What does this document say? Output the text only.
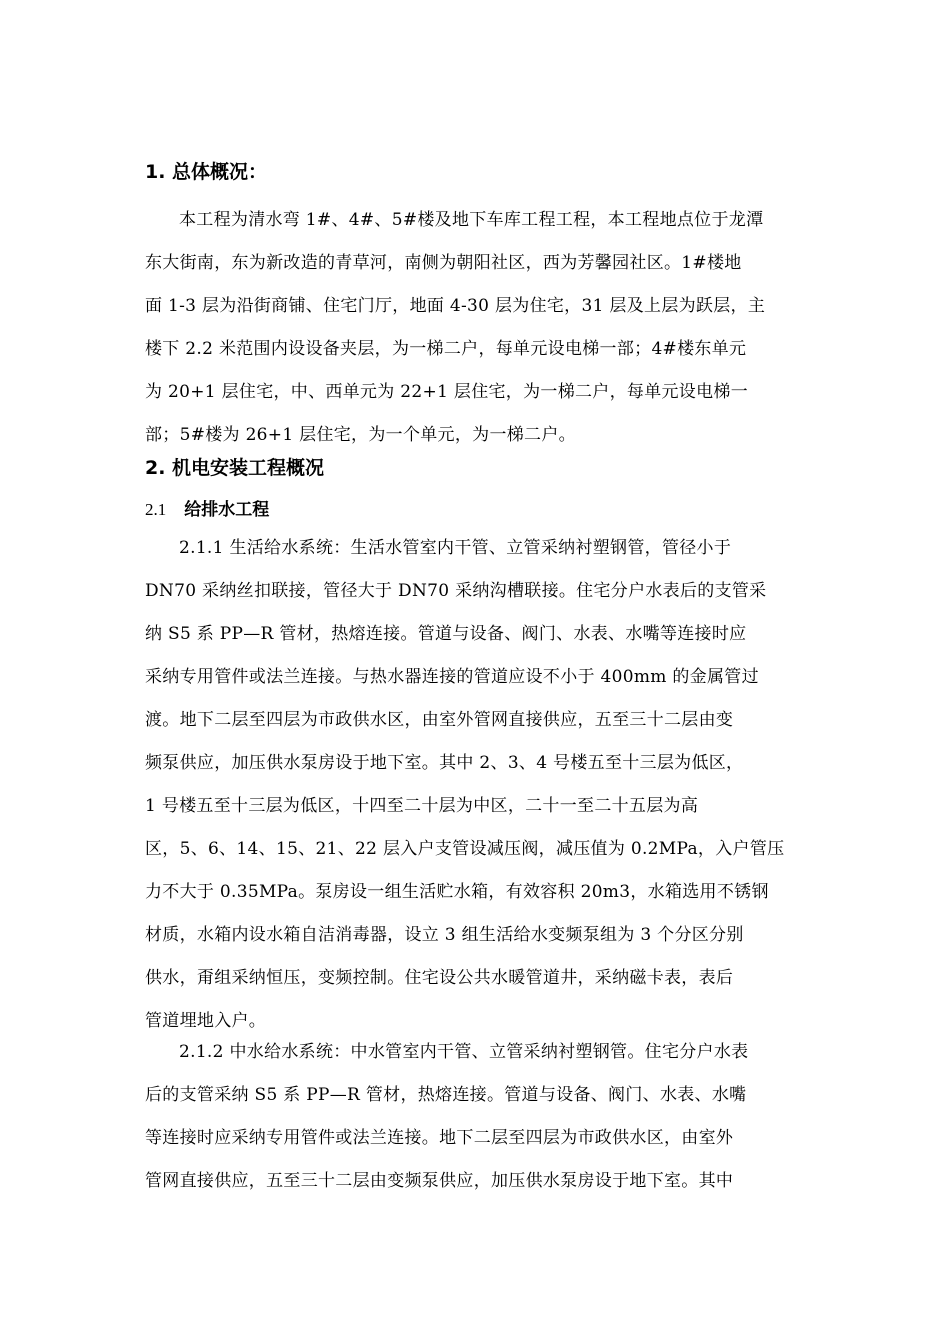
1. 总体概况：
本工程为清水弯 1#、4#、5#楼及地下车库工程工程，本工程地点位于龙潭
东大街南，东为新改造的青草河，南侧为朝阳社区，西为芳馨园社区。1#楼地
面 1-3 层为沿街商铺、住宅门厅，地面 4-30 层为住宅，31 层及上层为跃层，主
楼下 2.2 米范围内设设备夹层，为一梯二户，每单元设电梯一部；4#楼东单元
为 20+1 层住宅，中、西单元为 22+1 层住宅，为一梯二户，每单元设电梯一
部；5#楼为 26+1 层住宅，为一个单元，为一梯二户。
2. 机电安装工程概况
2.1 给排水工程
2.1.1 生活给水系统：生活水管室内干管、立管采纳衬塑钢管，管径小于
DN70 采纳丝扣联接，管径大于 DN70 采纳沟槽联接。住宅分户水表后的支管采
纳 S5 系 PP—R 管材，热熔连接。管道与设备、阀门、水表、水嘴等连接时应
采纳专用管件或法兰连接。与热水器连接的管道应设不小于 400mm 的金属管过
渡。地下二层至四层为市政供水区，由室外管网直接供应，五至三十二层由变
频泵供应，加压供水泵房设于地下室。其中 2、3、4 号楼五至十三层为低区，
1 号楼五至十三层为低区，十四至二十层为中区，二十一至二十五层为高
区，5、6、14、15、21、22 层入户支管设减压阀，减压值为 0.2MPa，入户管压
力不大于 0.35MPa。泵房设一组生活贮水箱，有效容积 20m3，水箱选用不锈钢
材质，水箱内设水箱自洁消毒器，设立 3 组生活给水变频泵组为 3 个分区分别
供水，甭组采纳恒压，变频控制。住宅设公共水暖管道井，采纳磁卡表，表后
管道埋地入户。
2.1.2 中水给水系统：中水管室内干管、立管采纳衬塑钢管。住宅分户水表
后的支管采纳 S5 系 PP—R 管材，热熔连接。管道与设备、阀门、水表、水嘴
等连接时应采纳专用管件或法兰连接。地下二层至四层为市政供水区，由室外
管网直接供应，五至三十二层由变频泵供应，加压供水泵房设于地下室。其中
